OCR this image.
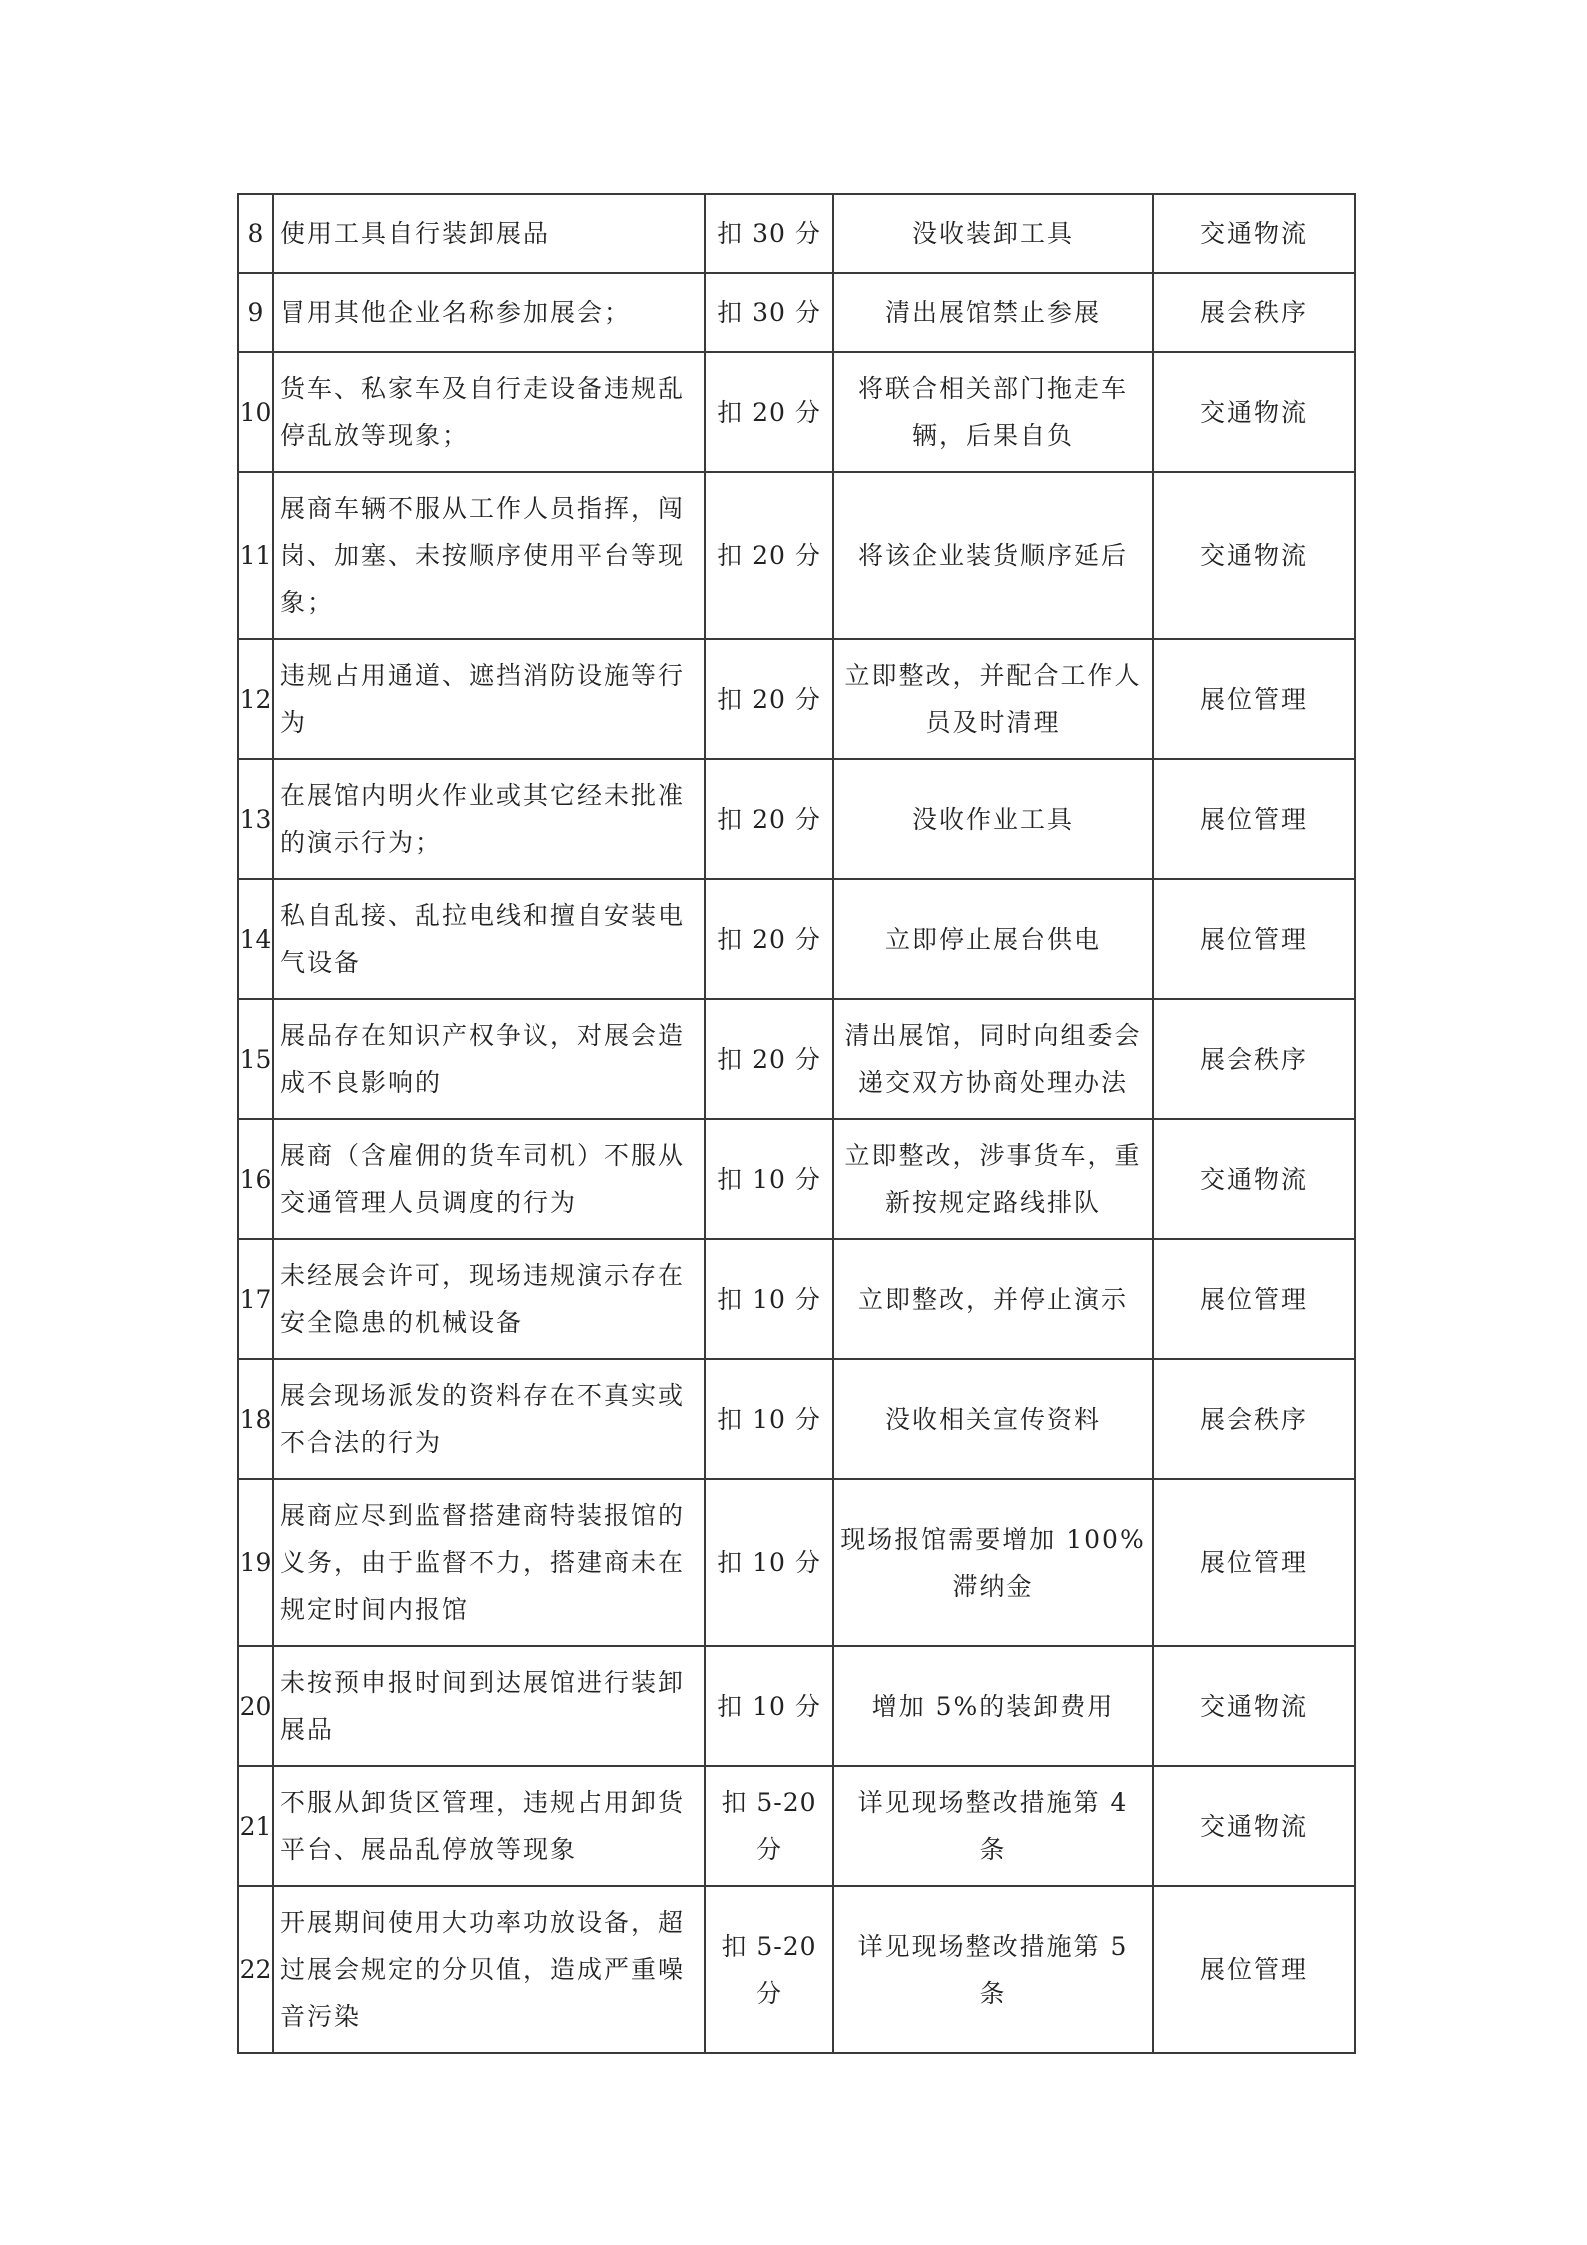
8	使用工具自行装卸展品	扣 30 分	没收装卸工具	交通物流
9	冒用其他企业名称参加展会；	扣 30 分	清出展馆禁止参展	展会秩序
10	货车、私家车及自行走设备违规乱停乱放等现象；	扣 20 分	将联合相关部门拖走车辆，后果自负	交通物流
11	展商车辆不服从工作人员指挥，闯岗、加塞、未按顺序使用平台等现象；	扣 20 分	将该企业装货顺序延后	交通物流
12	违规占用通道、遮挡消防设施等行为	扣 20 分	立即整改，并配合工作人员及时清理	展位管理
13	在展馆内明火作业或其它经未批准的演示行为；	扣 20 分	没收作业工具	展位管理
14	私自乱接、乱拉电线和擅自安装电气设备	扣 20 分	立即停止展台供电	展位管理
15	展品存在知识产权争议，对展会造成不良影响的	扣 20 分	清出展馆，同时向组委会递交双方协商处理办法	展会秩序
16	展商（含雇佣的货车司机）不服从交通管理人员调度的行为	扣 10 分	立即整改，涉事货车，重新按规定路线排队	交通物流
17	未经展会许可，现场违规演示存在安全隐患的机械设备	扣 10 分	立即整改，并停止演示	展位管理
18	展会现场派发的资料存在不真实或不合法的行为	扣 10 分	没收相关宣传资料	展会秩序
19	展商应尽到监督搭建商特装报馆的义务，由于监督不力，搭建商未在规定时间内报馆	扣 10 分	现场报馆需要增加 100%滞纳金	展位管理
20	未按预申报时间到达展馆进行装卸展品	扣 10 分	增加 5%的装卸费用	交通物流
21	不服从卸货区管理，违规占用卸货平台、展品乱停放等现象	扣 5-20 分	详见现场整改措施第 4 条	交通物流
22	开展期间使用大功率功放设备，超过展会规定的分贝值，造成严重噪音污染	扣 5-20 分	详见现场整改措施第 5 条	展位管理
